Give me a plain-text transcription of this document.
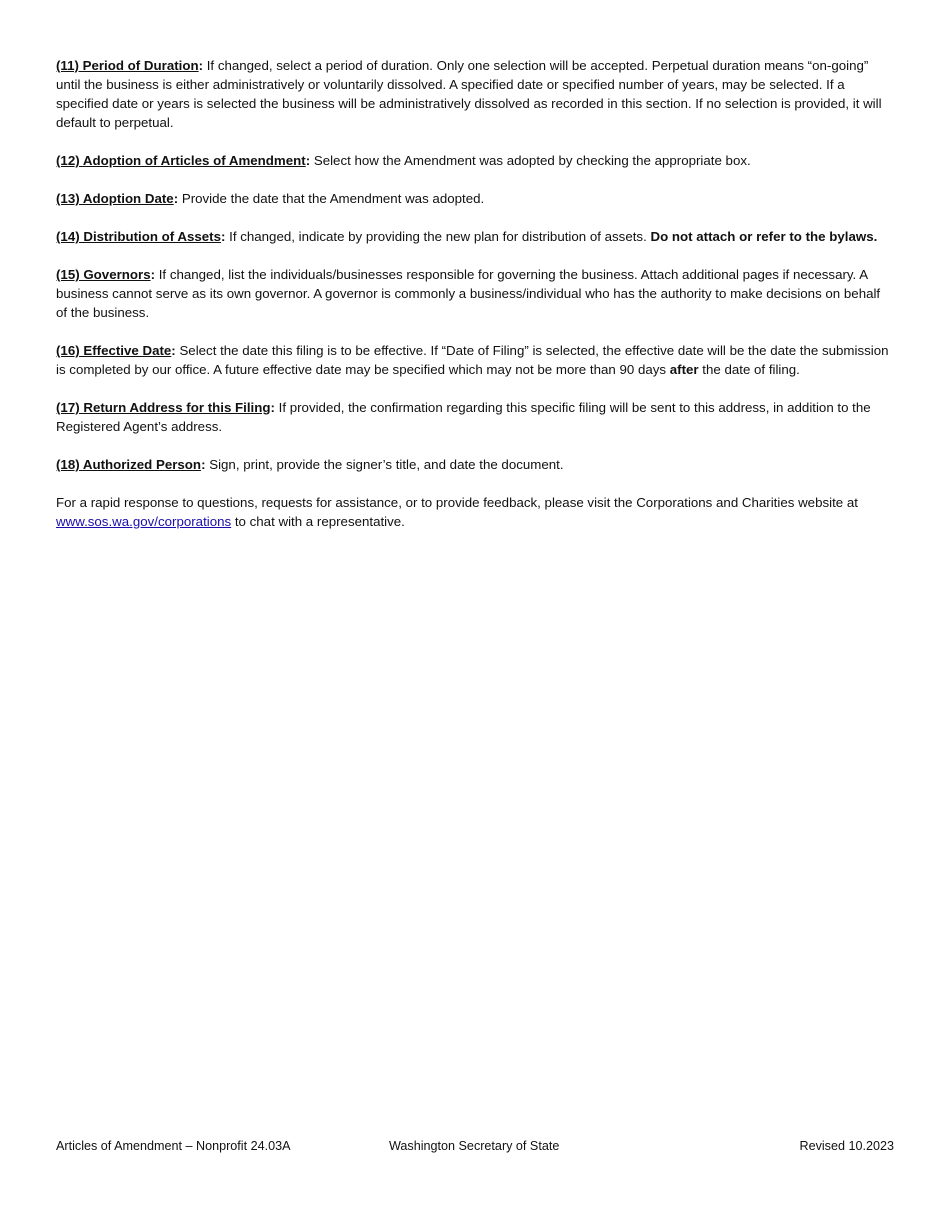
(11) Period of Duration: If changed, select a period of duration. Only one selection will be accepted. Perpetual duration means “on-going” until the business is either administratively or voluntarily dissolved. A specified date or specified number of years, may be selected. If a specified date or years is selected the business will be administratively dissolved as recorded in this section. If no selection is provided, it will default to perpetual.

(12) Adoption of Articles of Amendment: Select how the Amendment was adopted by checking the appropriate box.

(13) Adoption Date: Provide the date that the Amendment was adopted.

(14) Distribution of Assets: If changed, indicate by providing the new plan for distribution of assets. Do not attach or refer to the bylaws.

(15) Governors: If changed, list the individuals/businesses responsible for governing the business. Attach additional pages if necessary. A business cannot serve as its own governor. A governor is commonly a business/individual who has the authority to make decisions on behalf of the business.

(16) Effective Date: Select the date this filing is to be effective. If “Date of Filing” is selected, the effective date will be the date the submission is completed by our office. A future effective date may be specified which may not be more than 90 days after the date of filing.

(17) Return Address for this Filing: If provided, the confirmation regarding this specific filing will be sent to this address, in addition to the Registered Agent’s address.

(18) Authorized Person: Sign, print, provide the signer’s title, and date the document.

For a rapid response to questions, requests for assistance, or to provide feedback, please visit the Corporations and Charities website at www.sos.wa.gov/corporations to chat with a representative.

Articles of Amendment – Nonprofit 24.03A	Washington Secretary of State	Revised 10.2023
